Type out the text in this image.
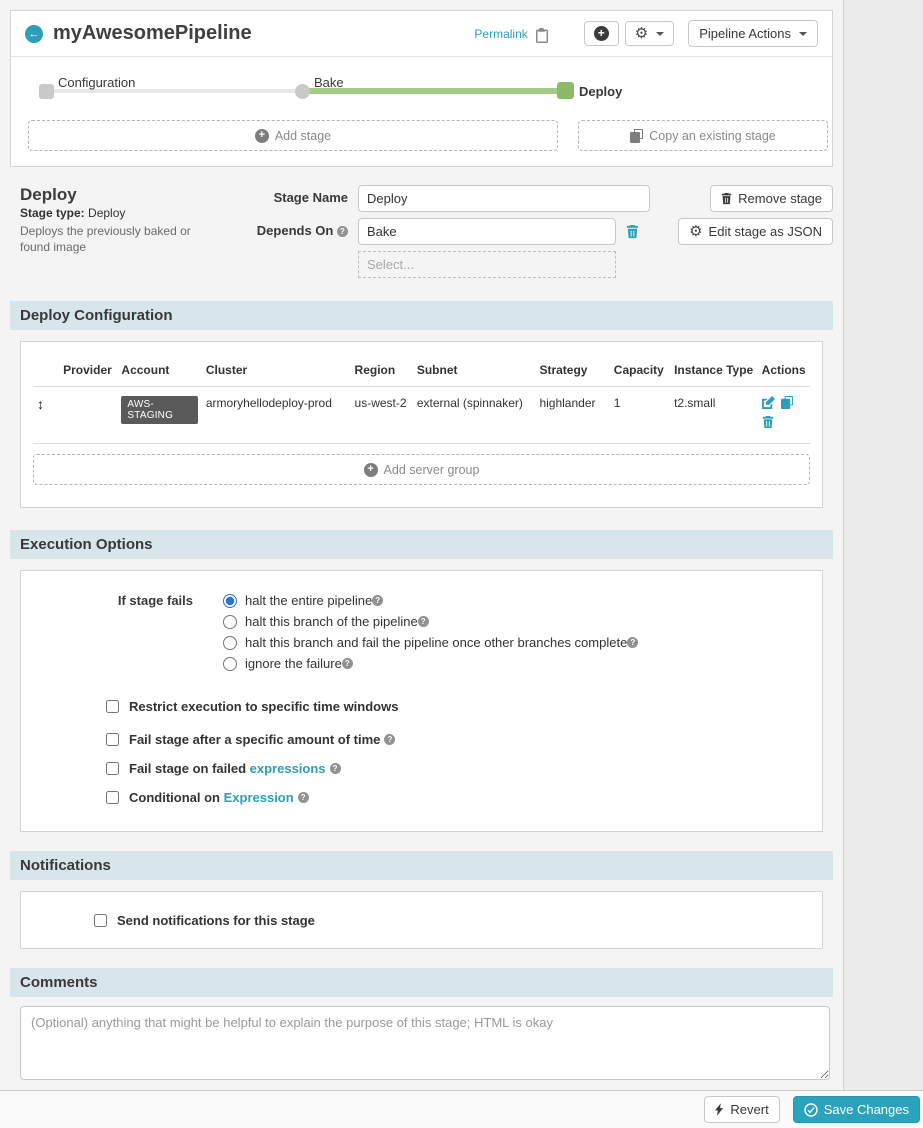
← myAwesomePipeline	Permalink + ⚙	Pipeline Actions
Configuration	Bake
Deploy
+
Add stage	Copy an existing stage
Deploy
Stage type: Deploy
Deploys the previously baked or found image
Stage Name
Deploy
Depends On ?
Bake
Select...
Remove stage
⚙
Edit stage as JSON
Deploy Configuration
	Provider	Account	Cluster	Region	Subnet	Strategy	Capacity	Instance Type	Actions
↕		AWS-STAGING	armoryhellodeploy-prod	us-west-2	external (spinnaker)	highlander	1	t2.small	
+
Add server group
Execution Options
If stage fails	halt the entire pipeline
?
halt this branch of the pipeline
?
halt this branch and fail the pipeline once other branches complete
?
ignore the failure
?
Restrict execution to specific time windows
Fail stage after a specific amount of time
?
Fail stage on failed expressions
?
Conditional on Expression
?
Notifications
Send notifications for this stage
Comments
(Optional) anything that might be helpful to explain the purpose of this stage; HTML is okay
Revert	Save Changes
